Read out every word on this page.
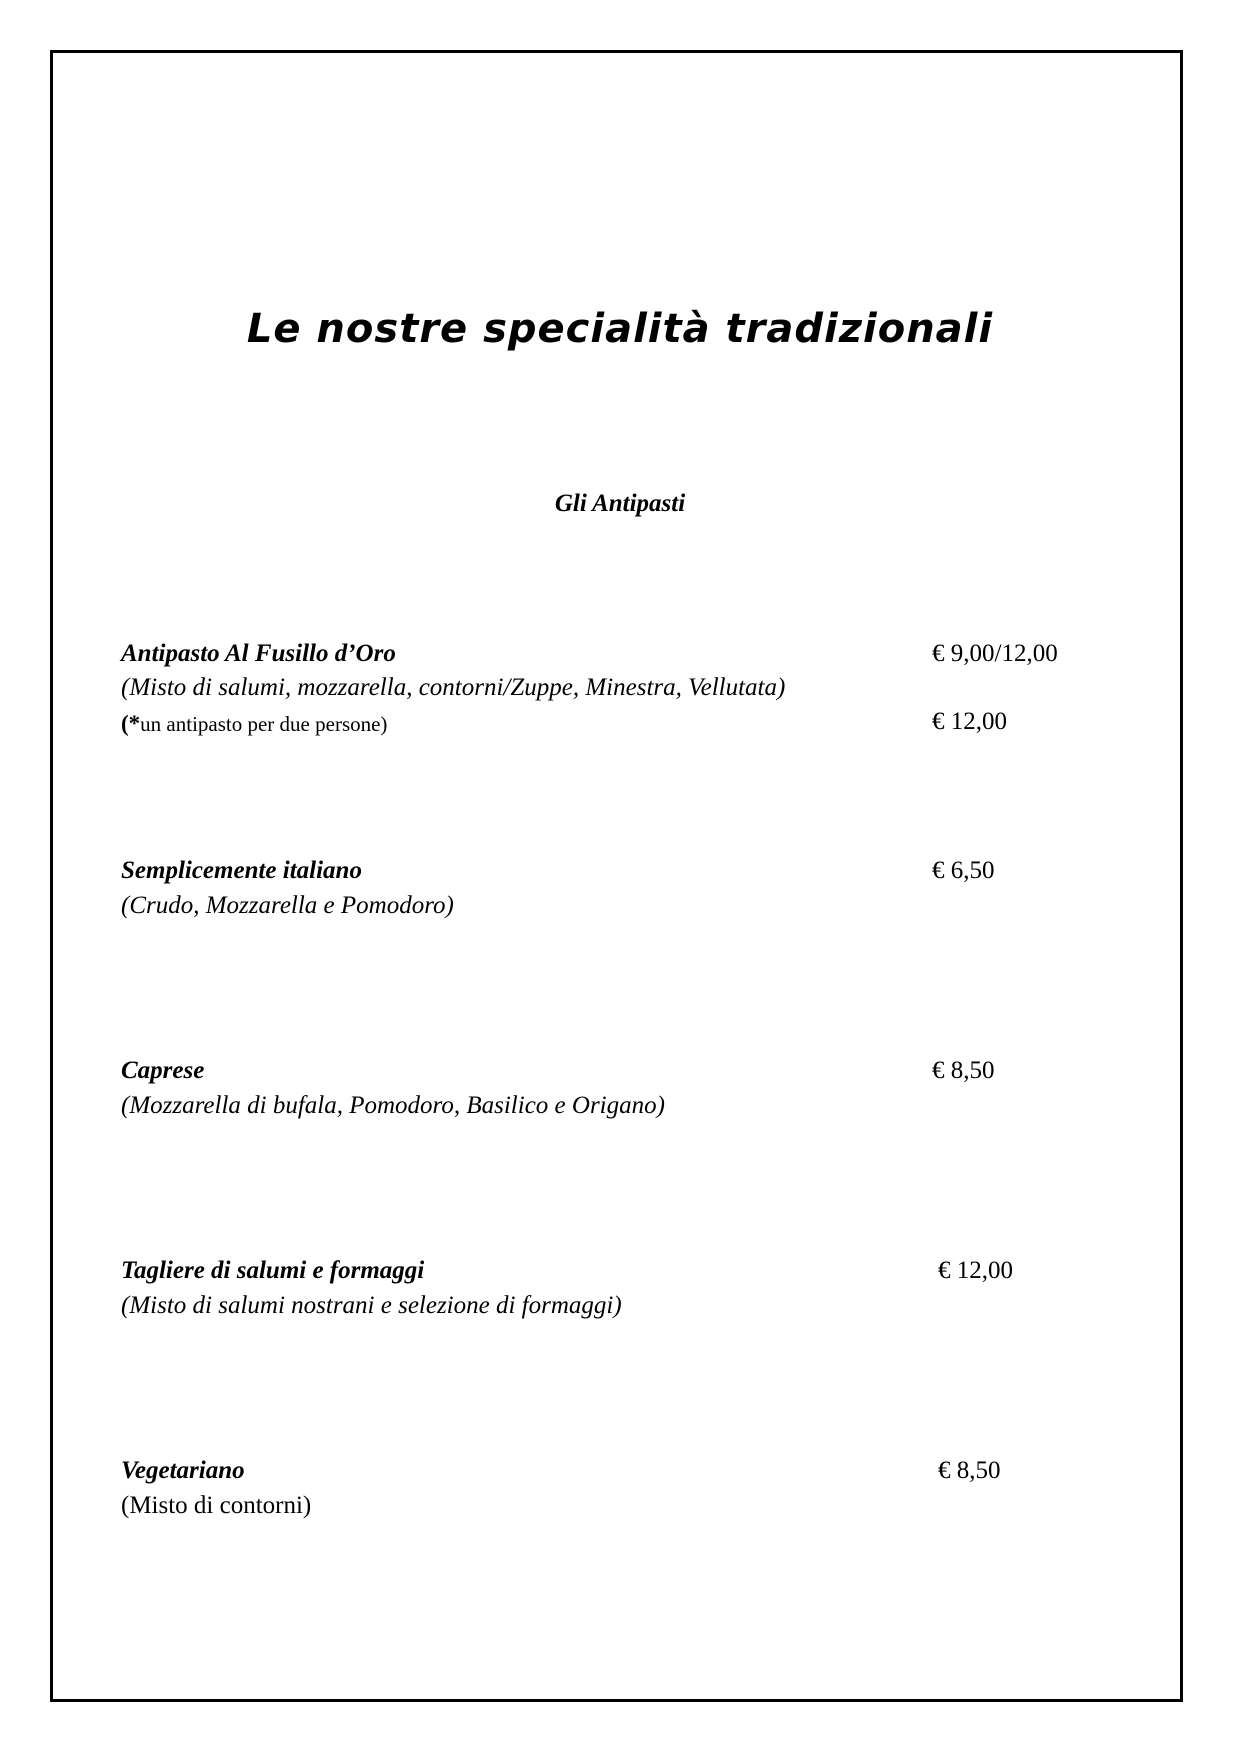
Le nostre specialità tradizionali
Gli Antipasti
Antipasto Al Fusillo d’Oro	€ 9,00/12,00
(Misto di salumi, mozzarella, contorni/Zuppe, Minestra, Vellutata)
(*un antipasto per due persone)	€ 12,00
Semplicemente italiano	€ 6,50
(Crudo, Mozzarella e Pomodoro)
Caprese	€ 8,50
(Mozzarella di bufala, Pomodoro, Basilico e Origano)
Tagliere di salumi e formaggi	€ 12,00
(Misto di salumi nostrani e selezione di formaggi)
Vegetariano	€ 8,50
(Misto di contorni)
